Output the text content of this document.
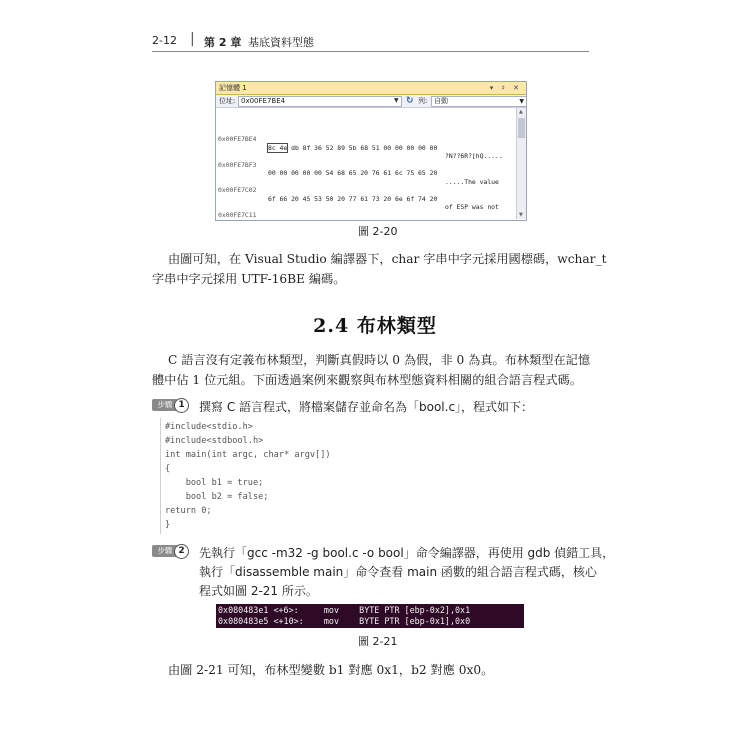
2-12 | 第 2 章 基底資料型態
記憶體 1	▾ ♯ ✕
位址: 0x00FE7BE4	▼ ↻ 列: 自動	▼

0x00FE7BE4

8c 4e db 8f 36 52 89 5b 68 51 00 00 00 00 00

?N??6R?[hQ.....

0x00FE7BF3

00 00 00 00 00 54 68 65 20 76 61 6c 75 65 20

.....The value

0x00FE7C02

6f 66 20 45 53 50 20 77 61 73 20 6e 6f 74 20

of ESP was not

0x00FE7C11

▲
▼
圖 2-20
由圖可知，在 Visual Studio 編譯器下，char 字串中字元採用國標碼，wchar_t
字串中字元採用 UTF-16BE 編碼。
2.4 布林類型
C 語言沒有定義布林類型，判斷真假時以 0 為假，非 0 為真。布林類型在記憶
體中佔 1 位元組。下面透過案例來觀察與布林型態資料相關的組合語言程式碼。
步驟 1	撰寫 C 語言程式，將檔案儲存並命名為「bool.c」，程式如下：
#include<stdio.h>
#include<stdbool.h>
int main(int argc, char* argv[])
{
bool b1 = true;
bool b2 = false;
return 0;
}
步驟 2	先執行「gcc -m32 -g bool.c -o bool」命令編譯器，再使用 gdb 偵錯工具，
執行「disassemble main」命令查看 main 函數的組合語言程式碼，核心
程式如圖 2-21 所示。
0x080483e1 <+6>:     mov    BYTE PTR [ebp-0x2],0x1
0x080483e5 <+10>:    mov    BYTE PTR [ebp-0x1],0x0
圖 2-21
由圖 2-21 可知，布林型變數 b1 對應 0x1，b2 對應 0x0。
